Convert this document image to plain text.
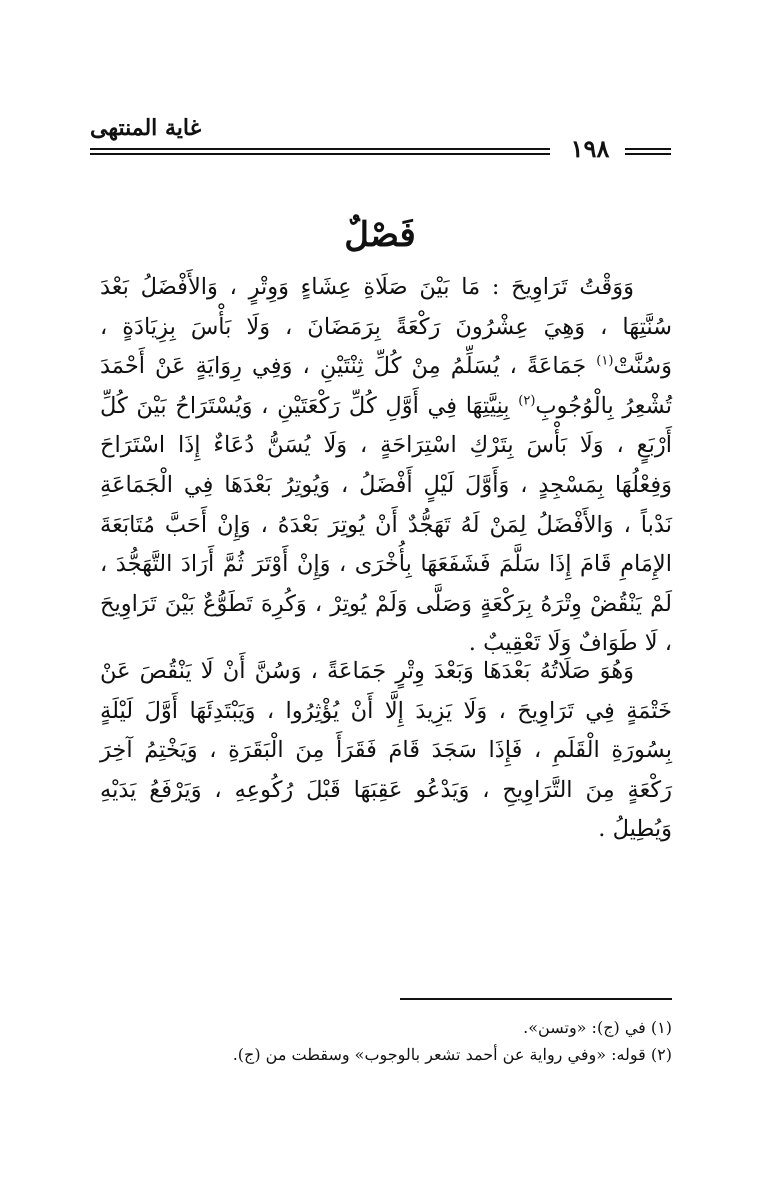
غاية المنتهى
١٩٨
فَصْلٌ

وَوَقْتُ تَرَاوِيحَ : مَا بَيْنَ صَلَاةِ عِشَاءٍ وَوِتْرٍ ، وَالأَفْضَلُ بَعْدَ سُنَّتِهَا ، وَهِيَ عِشْرُونَ رَكْعَةً بِرَمَضَانَ ، وَلَا بَأْسَ بِزِيَادَةٍ ، وَسُنَّتْ$^{(١)}$ جَمَاعَةً ، يُسَلِّمُ مِنْ كُلِّ ثِنْتَيْنِ ، وَفِي رِوَايَةٍ عَنْ أَحْمَدَ تُشْعِرُ بِالْوُجُوبِ$^{(٢)}$ بِنِيَّتِهَا فِي أَوَّلِ كُلِّ رَكْعَتَيْنِ ، وَيُسْتَرَاحُ بَيْنَ كُلِّ أَرْبَعٍ ، وَلَا بَأْسَ بِتَرْكِ اسْتِرَاحَةٍ ، وَلَا يُسَنُّ دُعَاءٌ إِذَا اسْتَرَاحَ وَفِعْلُهَا بِمَسْجِدٍ ، وَأَوَّلَ لَيْلٍ أَفْضَلُ ، وَيُوتِرُ بَعْدَهَا فِي الْجَمَاعَةِ نَدْباً ، وَالأَفْضَلُ لِمَنْ لَهُ تَهَجُّدٌ أَنْ يُوتِرَ بَعْدَهُ ، وَإِنْ أَحَبَّ مُتَابَعَةَ الإِمَامِ قَامَ إِذَا سَلَّمَ فَشَفَعَهَا بِأُخْرَى ، وَإِنْ أَوْتَرَ ثُمَّ أَرَادَ التَّهَجُّدَ ، لَمْ يَنْقُضْ وِتْرَهُ بِرَكْعَةٍ وَصَلَّى وَلَمْ يُوتِرْ ، وَكُرِهَ تَطَوُّعٌ بَيْنَ تَرَاوِيحَ ، لَا طَوَافٌ وَلَا تَعْقِيبٌ .

وَهُوَ صَلَاتُهُ بَعْدَهَا وَبَعْدَ وِتْرٍ جَمَاعَةً ، وَسُنَّ أَنْ لَا يَنْقُصَ عَنْ خَتْمَةٍ فِي تَرَاوِيحَ ، وَلَا يَزِيدَ إِلَّا أَنْ يُؤْثِرُوا ، وَيَبْتَدِئَهَا أَوَّلَ لَيْلَةٍ بِسُورَةِ الْقَلَمِ ، فَإِذَا سَجَدَ قَامَ فَقَرَأَ مِنَ الْبَقَرَةِ ، وَيَخْتِمُ آخِرَ رَكْعَةٍ مِنَ التَّرَاوِيحِ ، وَيَدْعُو عَقِبَهَا قَبْلَ رُكُوعِهِ ، وَيَرْفَعُ يَدَيْهِ وَيُطِيلُ .

(١) في (ج): «وتسن».
(٢) قوله: «وفي رواية عن أحمد تشعر بالوجوب» وسقطت من (ج).
